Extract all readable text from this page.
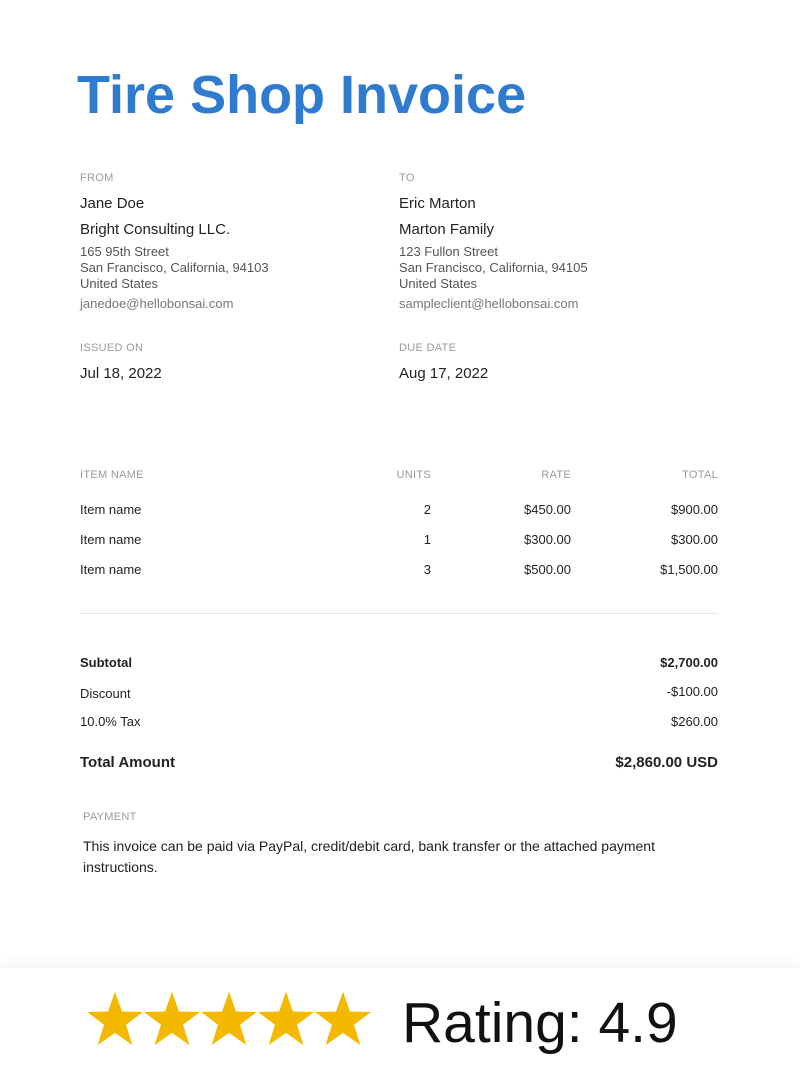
Tire Shop Invoice
FROM
Jane Doe
Bright Consulting LLC.
165 95th Street
San Francisco, California, 94103
United States
janedoe@hellobonsai.com
TO
Eric Marton
Marton Family
123 Fullon Street
San Francisco, California, 94105
United States
sampleclient@hellobonsai.com
ISSUED ON
Jul 18, 2022
DUE DATE
Aug 17, 2022
ITEM NAME	UNITS	RATE	TOTAL
Item name	2	$450.00	$900.00
Item name	1	$300.00	$300.00
Item name	3	$500.00	$1,500.00
Subtotal	$2,700.00
Discount	-$100.00
10.0% Tax	$260.00
Total Amount	$2,860.00 USD
PAYMENT
This invoice can be paid via PayPal, credit/debit card, bank transfer or the attached payment instructions.
Rating: 4.9
